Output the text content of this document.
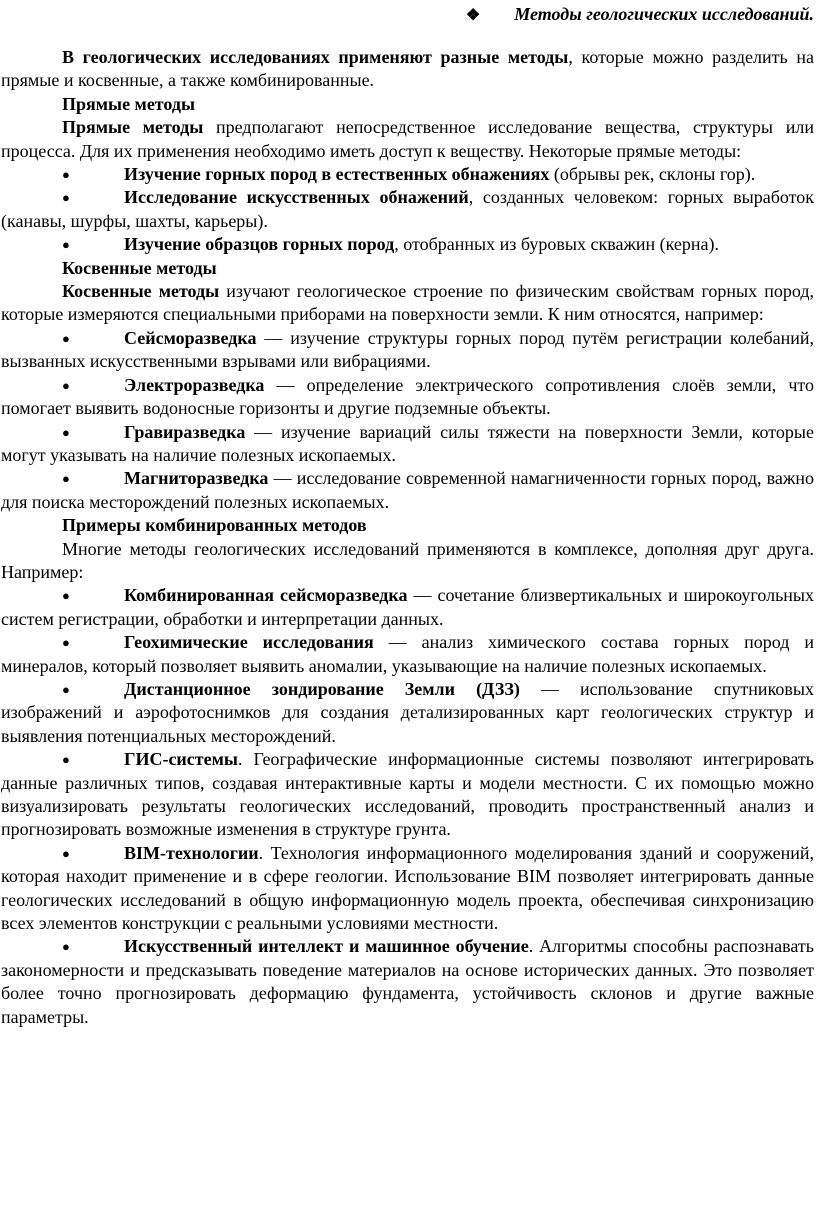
❖ Методы геологических исследований.

В геологических исследованиях применяют разные методы, которые можно разделить на прямые и косвенные, а также комбинированные.

Прямые методы

Прямые методы предполагают непосредственное исследование вещества, структуры или процесса. Для их применения необходимо иметь доступ к веществу. Некоторые прямые методы:

●	Изучение горных пород в естественных обнажениях (обрывы рек, склоны гор).

●	Исследование искусственных обнажений, созданных человеком: горных выработок (канавы, шурфы, шахты, карьеры).

●	Изучение образцов горных пород, отобранных из буровых скважин (керна).

Косвенные методы

Косвенные методы изучают геологическое строение по физическим свойствам горных пород, которые измеряются специальными приборами на поверхности земли. К ним относятся, например:

●	Сейсморазведка — изучение структуры горных пород путём регистрации колебаний, вызванных искусственными взрывами или вибрациями.

●	Электроразведка — определение электрического сопротивления слоёв земли, что помогает выявить водоносные горизонты и другие подземные объекты.

●	Гравиразведка — изучение вариаций силы тяжести на поверхности Земли, которые могут указывать на наличие полезных ископаемых.

●	Магниторазведка — исследование современной намагниченности горных пород, важно для поиска месторождений полезных ископаемых.

Примеры комбинированных методов

Многие методы геологических исследований применяются в комплексе, дополняя друг друга. Например:

●	Комбинированная сейсморазведка — сочетание близвертикальных и широкоугольных систем регистрации, обработки и интерпретации данных.

●	Геохимические исследования — анализ химического состава горных пород и минералов, который позволяет выявить аномалии, указывающие на наличие полезных ископаемых.

●	Дистанционное зондирование Земли (ДЗЗ) — использование спутниковых изображений и аэрофотоснимков для создания детализированных карт геологических структур и выявления потенциальных месторождений.

●	ГИС-системы. Географические информационные системы позволяют интегрировать данные различных типов, создавая интерактивные карты и модели местности. С их помощью можно визуализировать результаты геологических исследований, проводить пространственный анализ и прогнозировать возможные изменения в структуре грунта.

●	BIM-технологии. Технология информационного моделирования зданий и сооружений, которая находит применение и в сфере геологии. Использование BIM позволяет интегрировать данные геологических исследований в общую информационную модель проекта, обеспечивая синхронизацию всех элементов конструкции с реальными условиями местности.

●	Искусственный интеллект и машинное обучение. Алгоритмы способны распознавать закономерности и предсказывать поведение материалов на основе исторических данных. Это позволяет более точно прогнозировать деформацию фундамента, устойчивость склонов и другие важные параметры.
